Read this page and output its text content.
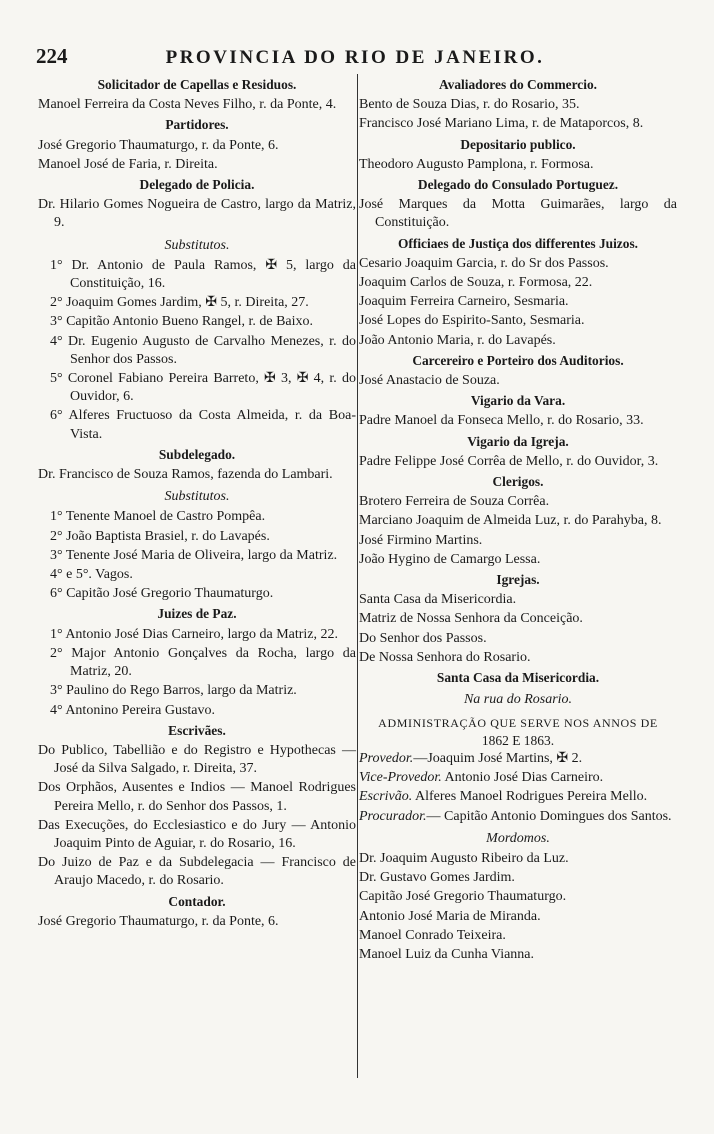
224	PROVINCIA DO RIO DE JANEIRO.
Solicitador de Capellas e Residuos.
Manoel Ferreira da Costa Neves Filho, r. da Ponte, 4.
Partidores.
José Gregorio Thaumaturgo, r. da Ponte, 6.
Manoel José de Faria, r. Direita.
Delegado de Policia.
Dr. Hilario Gomes Nogueira de Castro, largo da Matriz, 9.
Substitutos.
1° Dr. Antonio de Paula Ramos, ✠ 5, largo da Constituição, 16.
2° Joaquim Gomes Jardim, ✠ 5, r. Direita, 27.
3° Capitão Antonio Bueno Rangel, r. de Baixo.
4° Dr. Eugenio Augusto de Carvalho Menezes, r. do Senhor dos Passos.
5° Coronel Fabiano Pereira Barreto, ✠ 3, ✠ 4, r. do Ouvidor, 6.
6° Alferes Fructuoso da Costa Almeida, r. da Boa-Vista.
Subdelegado.
Dr. Francisco de Souza Ramos, fazenda do Lambari.
Substitutos.
1° Tenente Manoel de Castro Pompêa.
2° João Baptista Brasiel, r. do Lavapés.
3° Tenente José Maria de Oliveira, largo da Matriz.
4° e 5°. Vagos.
6° Capitão José Gregorio Thaumaturgo.
Juizes de Paz.
1° Antonio José Dias Carneiro, largo da Matriz, 22.
2° Major Antonio Gonçalves da Rocha, largo da Matriz, 20.
3° Paulino do Rego Barros, largo da Matriz.
4° Antonino Pereira Gustavo.
Escrivães.
Do Publico, Tabellião e do Registro e Hypothecas — José da Silva Salgado, r. Direita, 37.
Dos Orphãos, Ausentes e Indios — Manoel Rodrigues Pereira Mello, r. do Senhor dos Passos, 1.
Das Execuções, do Ecclesiastico e do Jury — Antonio Joaquim Pinto de Aguiar, r. do Rosario, 16.
Do Juizo de Paz e da Subdelegacia — Francisco de Araujo Macedo, r. do Rosario.
Contador.
José Gregorio Thaumaturgo, r. da Ponte, 6.
Avaliadores do Commercio.
Bento de Souza Dias, r. do Rosario, 35.
Francisco José Mariano Lima, r. de Mataporcos, 8.
Depositario publico.
Theodoro Augusto Pamplona, r. Formosa.
Delegado do Consulado Portuguez.
José Marques da Motta Guimarães, largo da Constituição.
Officiaes de Justiça dos differentes Juizos.
Cesario Joaquim Garcia, r. do Sr dos Passos.
Joaquim Carlos de Souza, r. Formosa, 22.
Joaquim Ferreira Carneiro, Sesmaria.
José Lopes do Espirito-Santo, Sesmaria.
João Antonio Maria, r. do Lavapés.
Carcereiro e Porteiro dos Auditorios.
José Anastacio de Souza.
Vigario da Vara.
Padre Manoel da Fonseca Mello, r. do Rosario, 33.
Vigario da Igreja.
Padre Felippe José Corrêa de Mello, r. do Ouvidor, 3.
Clerigos.
Brotero Ferreira de Souza Corrêa.
Marciano Joaquim de Almeida Luz, r. do Parahyba, 8.
José Firmino Martins.
João Hygino de Camargo Lessa.
Igrejas.
Santa Casa da Misericordia.
Matriz de Nossa Senhora da Conceição.
Do Senhor dos Passos.
De Nossa Senhora do Rosario.
Santa Casa da Misericordia.
Na rua do Rosario.
ADMINISTRAÇÃO QUE SERVE NOS ANNOS DE
1862 E 1863.
Provedor.—Joaquim José Martins, ✠ 2.
Vice-Provedor. Antonio José Dias Carneiro.
Escrivão. Alferes Manoel Rodrigues Pereira Mello.
Procurador.— Capitão Antonio Domingues dos Santos.
Mordomos.
Dr. Joaquim Augusto Ribeiro da Luz.
Dr. Gustavo Gomes Jardim.
Capitão José Gregorio Thaumaturgo.
Antonio José Maria de Miranda.
Manoel Conrado Teixeira.
Manoel Luiz da Cunha Vianna.
